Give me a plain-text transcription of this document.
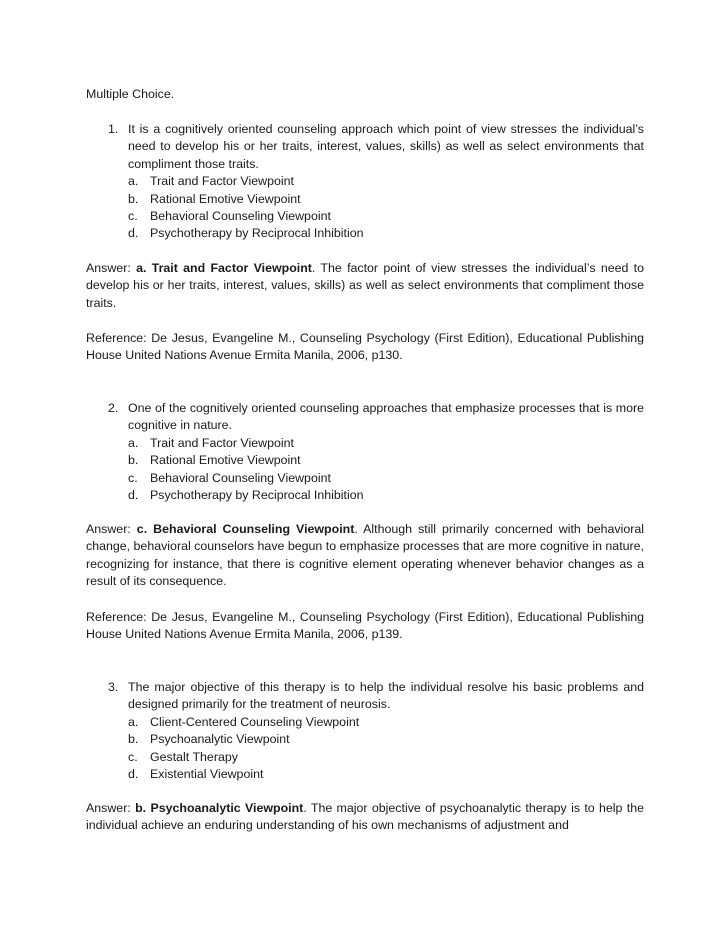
Multiple Choice.
1. It is a cognitively oriented counseling approach which point of view stresses the individual’s need to develop his or her traits, interest, values, skills) as well as select environments that compliment those traits.
a. Trait and Factor Viewpoint
b. Rational Emotive Viewpoint
c. Behavioral Counseling Viewpoint
d. Psychotherapy by Reciprocal Inhibition
Answer: a. Trait and Factor Viewpoint. The factor point of view stresses the individual’s need to develop his or her traits, interest, values, skills) as well as select environments that compliment those traits.
Reference: De Jesus, Evangeline M., Counseling Psychology (First Edition), Educational Publishing House United Nations Avenue Ermita Manila, 2006, p130.
2. One of the cognitively oriented counseling approaches that emphasize processes that is more cognitive in nature.
a. Trait and Factor Viewpoint
b. Rational Emotive Viewpoint
c. Behavioral Counseling Viewpoint
d. Psychotherapy by Reciprocal Inhibition
Answer: c. Behavioral Counseling Viewpoint. Although still primarily concerned with behavioral change, behavioral counselors have begun to emphasize processes that are more cognitive in nature, recognizing for instance, that there is cognitive element operating whenever behavior changes as a result of its consequence.
Reference: De Jesus, Evangeline M., Counseling Psychology (First Edition), Educational Publishing House United Nations Avenue Ermita Manila, 2006, p139.
3. The major objective of this therapy is to help the individual resolve his basic problems and designed primarily for the treatment of neurosis.
a. Client-Centered Counseling Viewpoint
b. Psychoanalytic Viewpoint
c. Gestalt Therapy
d. Existential Viewpoint
Answer: b. Psychoanalytic Viewpoint. The major objective of psychoanalytic therapy is to help the individual achieve an enduring understanding of his own mechanisms of adjustment and
